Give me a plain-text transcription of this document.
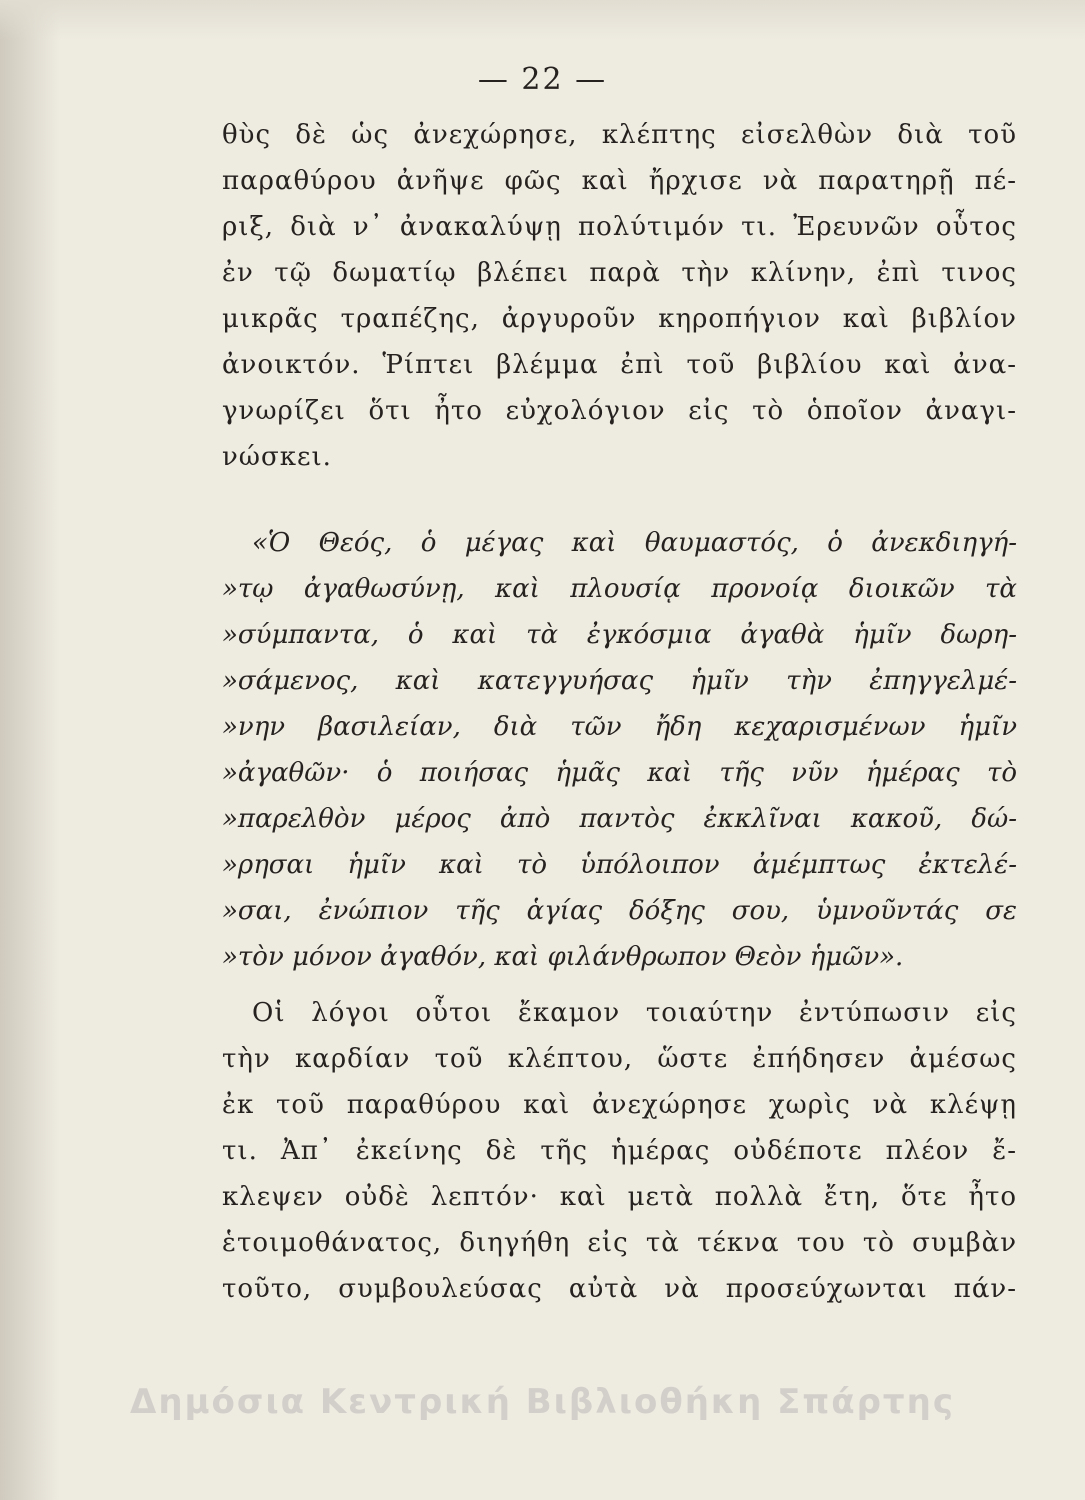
— 22 —
θὺς δὲ ὡς ἀνεχώρησε, κλέπτης εἰσελθὼν διὰ τοῦ
παραθύρου ἀνῆψε φῶς καὶ ἤρχισε νὰ παρατηρῇ πέ-
ριξ, διὰ ν᾽ ἀνακαλύψῃ πολύτιμόν τι. Ἐρευνῶν οὗτος
ἐν τῷ δωματίῳ βλέπει παρὰ τὴν κλίνην, ἐπὶ τινος
μικρᾶς τραπέζης, ἀργυροῦν κηροπήγιον καὶ βιβλίον
ἀνοικτόν. Ῥίπτει βλέμμα ἐπὶ τοῦ βιβλίου καὶ ἀνα-
γνωρίζει ὅτι ἦτο εὐχολόγιον εἰς τὸ ὁποῖον ἀναγι-
νώσκει.
«Ὁ Θεός, ὁ μέγας καὶ θαυμαστός, ὁ ἀνεκδιηγή-
»τῳ ἀγαθωσύνῃ, καὶ πλουσίᾳ προνοίᾳ διοικῶν τὰ
»σύμπαντα, ὁ καὶ τὰ ἐγκόσμια ἀγαθὰ ἡμῖν δωρη-
»σάμενος, καὶ κατεγγυήσας ἡμῖν τὴν ἐπηγγελμέ-
»νην βασιλείαν, διὰ τῶν ἤδη κεχαρισμένων ἡμῖν
»ἀγαθῶν· ὁ ποιήσας ἡμᾶς καὶ τῆς νῦν ἡμέρας τὸ
»παρελθὸν μέρος ἀπὸ παντὸς ἐκκλῖναι κακοῦ, δώ-
»ρησαι ἡμῖν καὶ τὸ ὑπόλοιπον ἀμέμπτως ἐκτελέ-
»σαι, ἐνώπιον τῆς ἁγίας δόξης σου, ὑμνοῦντάς σε
»τὸν μόνον ἀγαθόν, καὶ φιλάνθρωπον Θεὸν ἡμῶν».
Οἱ λόγοι οὗτοι ἔκαμον τοιαύτην ἐντύπωσιν εἰς
τὴν καρδίαν τοῦ κλέπτου, ὥστε ἐπήδησεν ἀμέσως
ἐκ τοῦ παραθύρου καὶ ἀνεχώρησε χωρὶς νὰ κλέψῃ
τι. Ἀπ᾽ ἐκείνης δὲ τῆς ἡμέρας οὐδέποτε πλέον ἔ-
κλεψεν οὐδὲ λεπτόν· καὶ μετὰ πολλὰ ἔτη, ὅτε ἦτο
ἑτοιμοθάνατος, διηγήθη εἰς τὰ τέκνα του τὸ συμβὰν
τοῦτο, συμβουλεύσας αὐτὰ νὰ προσεύχωνται πάν-
Δημόσια Κεντρική Βιβλιοθήκη Σπάρτης
